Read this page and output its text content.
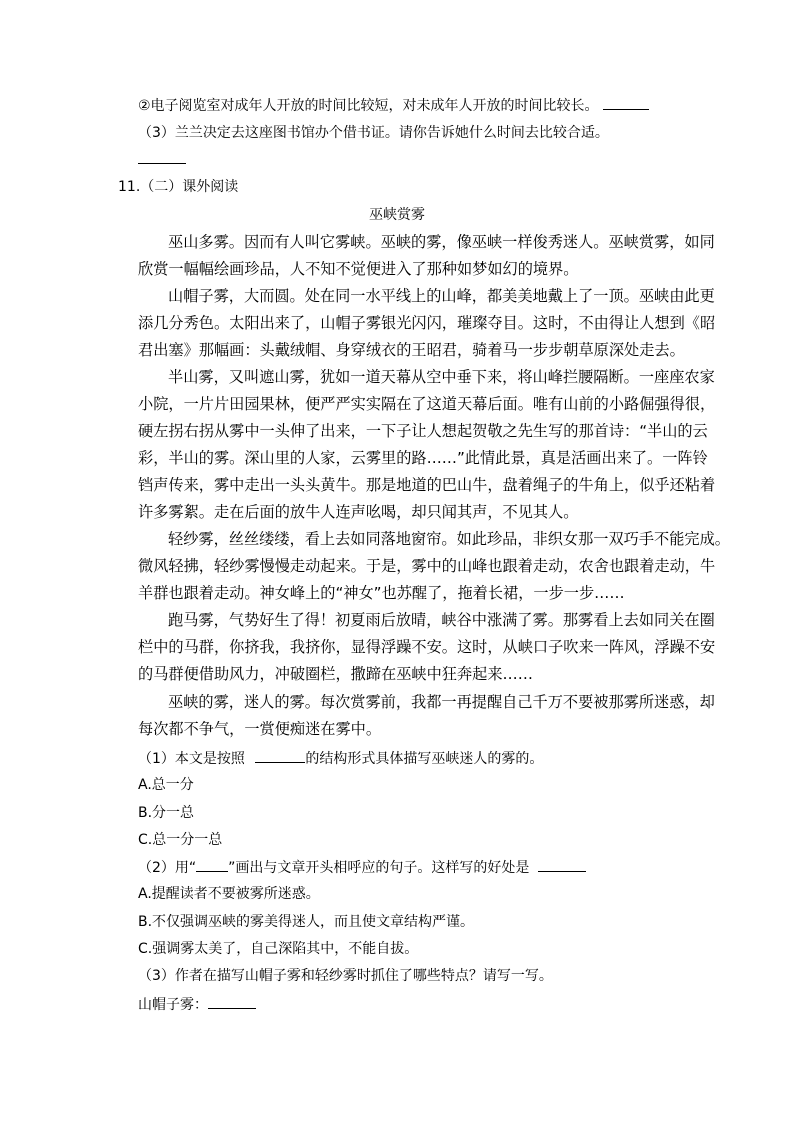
②电子阅览室对成年人开放的时间比较短，对未成年人开放的时间比较长。
（3）兰兰决定去这座图书馆办个借书证。请你告诉她什么时间去比较合适。
11.（二）课外阅读
巫峡赏雾
巫山多雾。因而有人叫它雾峡。巫峡的雾，像巫峡一样俊秀迷人。巫峡赏雾，如同
欣赏一幅幅绘画珍品，人不知不觉便进入了那种如梦如幻的境界。
山帽子雾，大而圆。处在同一水平线上的山峰，都美美地戴上了一顶。巫峡由此更
添几分秀色。太阳出来了，山帽子雾银光闪闪，璀璨夺目。这时，不由得让人想到《昭
君出塞》那幅画：头戴绒帽、身穿绒衣的王昭君，骑着马一步步朝草原深处走去。
半山雾，又叫遮山雾，犹如一道天幕从空中垂下来，将山峰拦腰隔断。一座座农家
小院，一片片田园果林，便严严实实隔在了这道天幕后面。唯有山前的小路倔强得很，
硬左拐右拐从雾中一头伸了出来，一下子让人想起贺敬之先生写的那首诗：“半山的云
彩，半山的雾。深山里的人家，云雾里的路……”此情此景，真是活画出来了。一阵铃
铛声传来，雾中走出一头头黄牛。那是地道的巴山牛，盘着绳子的牛角上，似乎还粘着
许多雾絮。走在后面的放牛人连声吆喝，却只闻其声，不见其人。
轻纱雾，丝丝缕缕，看上去如同落地窗帘。如此珍品，非织女那一双巧手不能完成。
微风轻拂，轻纱雾慢慢走动起来。于是，雾中的山峰也跟着走动，农舍也跟着走动，牛
羊群也跟着走动。神女峰上的“神女”也苏醒了，拖着长裙，一步一步……
跑马雾，气势好生了得！初夏雨后放晴，峡谷中涨满了雾。那雾看上去如同关在圈
栏中的马群，你挤我，我挤你，显得浮躁不安。这时，从峡口子吹来一阵风，浮躁不安
的马群便借助风力，冲破圈栏，撒蹄在巫峡中狂奔起来……
巫峡的雾，迷人的雾。每次赏雾前，我都一再提醒自己千万不要被那雾所迷惑，却
每次都不争气，一赏便痴迷在雾中。
（1）本文是按照	的结构形式具体描写巫峡迷人的雾的。
A.总一分
B.分一总
C.总一分一总
（2）用“ ”画出与文章开头相呼应的句子。这样写的好处是
A.提醒读者不要被雾所迷惑。
B.不仅强调巫峡的雾美得迷人，而且使文章结构严谨。
C.强调雾太美了，自己深陷其中，不能自拔。
（3）作者在描写山帽子雾和轻纱雾时抓住了哪些特点？请写一写。
山帽子雾：
